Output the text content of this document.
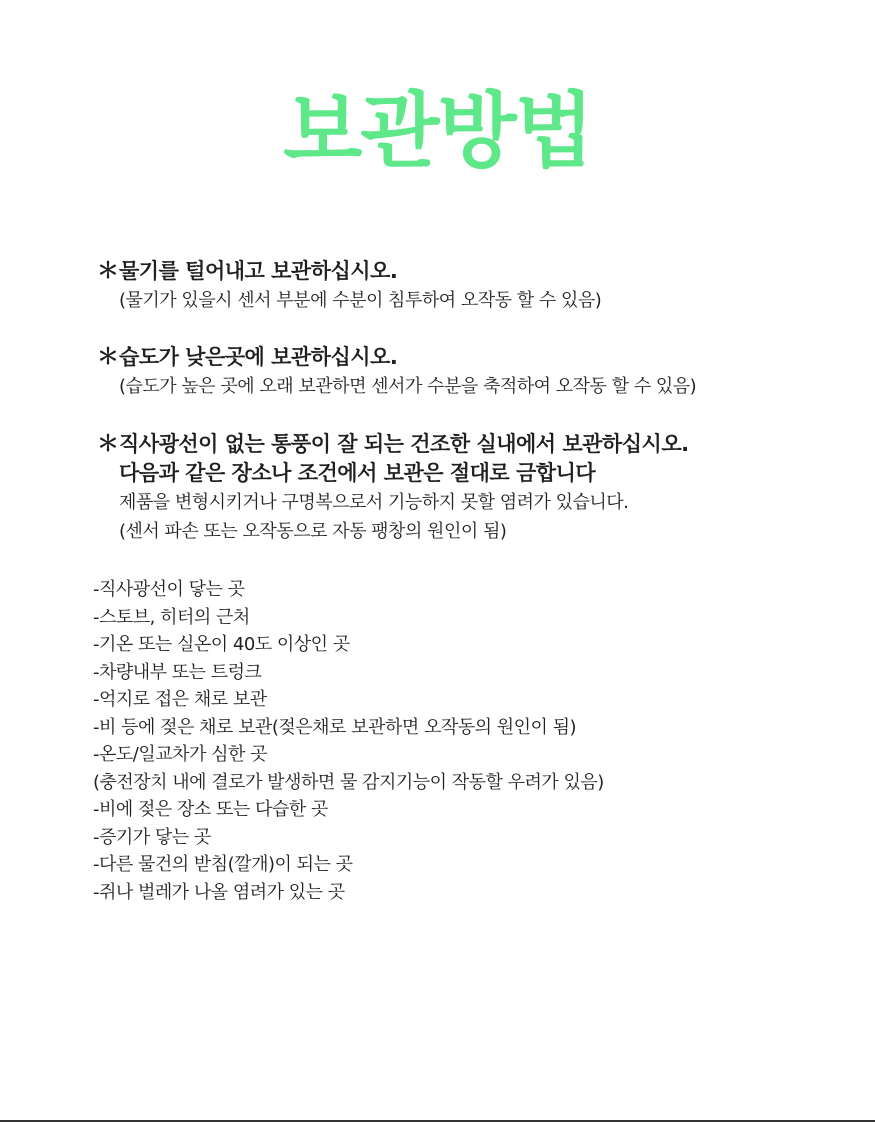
보관방법
＊ 물기를 털어내고 보관하십시오.
(물기가 있을시 센서 부분에 수분이 침투하여 오작동 할 수 있음)
＊ 습도가 낮은곳에 보관하십시오.
(습도가 높은 곳에 오래 보관하면 센서가 수분을 축적하여 오작동 할 수 있음)
＊ 직사광선이 없는 통풍이 잘 되는 건조한 실내에서 보관하십시오.
다음과 같은 장소나 조건에서 보관은 절대로 금합니다
제품을 변형시키거나 구명복으로서 기능하지 못할 염려가 있습니다.
(센서 파손 또는 오작동으로 자동 팽창의 원인이 됨)
-직사광선이 닿는 곳
-스토브, 히터의 근처
-기온 또는 실온이 40도 이상인 곳
-차량내부 또는 트렁크
-억지로 접은 채로 보관
-비 등에 젖은 채로 보관(젖은채로 보관하면 오작동의 원인이 됨)
-온도/일교차가 심한 곳
(충전장치 내에 결로가 발생하면 물 감지기능이 작동할 우려가 있음)
-비에 젖은 장소 또는 다습한 곳
-증기가 닿는 곳
-다른 물건의 받침(깔개)이 되는 곳
-쥐나 벌레가 나올 염려가 있는 곳
